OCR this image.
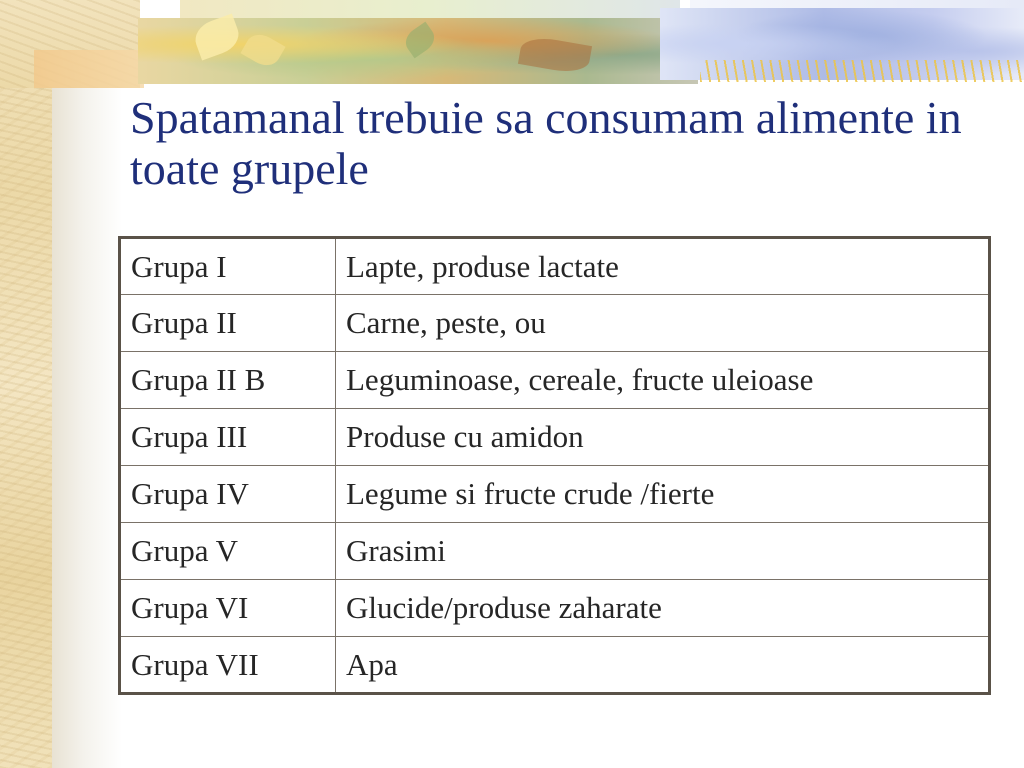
Spatamanal trebuie sa consumam alimente in toate grupele
Grupa I	Lapte, produse lactate
Grupa II	Carne, peste, ou
Grupa II B	Leguminoase, cereale, fructe uleioase
Grupa III	Produse cu amidon
Grupa IV	Legume si fructe crude /fierte
Grupa V	Grasimi
Grupa VI	Glucide/produse zaharate
Grupa VII	Apa
